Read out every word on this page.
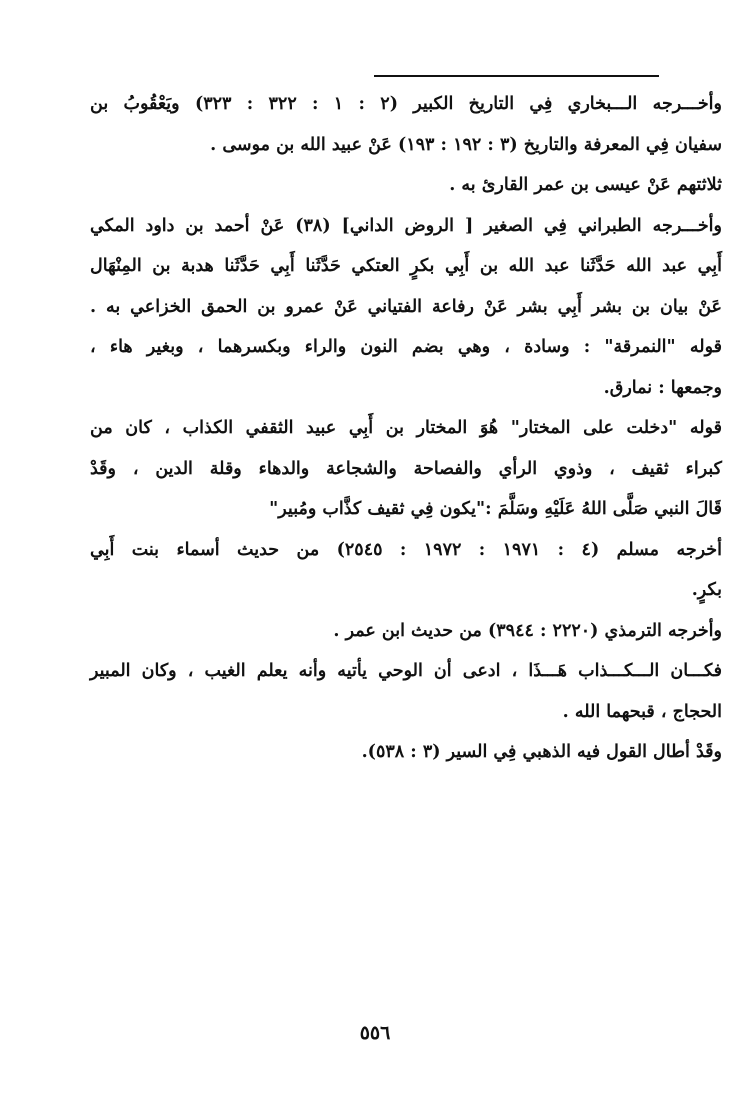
وأخـــرجه الـــبخاري فِي التاريخ الكبير (٢ : ١ : ٣٢٢ : ٣٢٣) ويَعْقُوبُ بن
سفيان فِي المعرفة والتاريخ (٣ : ١٩٢ : ١٩٣) عَنْ عبيد الله بن موسى .
ثلاثتهم عَنْ عيسى بن عمر القارئ به .
وأخـــرجه الطبراني فِي الصغير [ الروض الداني] (٣٨) عَنْ أحمد بن داود المكي
أَبِي عبد الله حَدَّثَنا عبد الله بن أَبِي بكرٍ العتكي حَدَّثَنا أَبِي حَدَّثَنا هدبة بن المِنْهَال
عَنْ بيان بن بشر أَبِي بشر عَنْ رفاعة الفتياني عَنْ عمرو بن الحمق الخزاعي به .
قوله "النمرقة" : وسادة ، وهي بضم النون والراء وبكسرهما ، وبغير هاء ،
وجمعها : نمارق.
قوله "دخلت على المختار" هُوَ المختار بن أَبِي عبيد الثقفي الكذاب ، كان من
كبراء ثقيف ، وذوي الرأي والفصاحة والشجاعة والدهاء وقلة الدين ، وقَدْ
قَالَ النبي صَلَّى اللهُ عَلَيْهِ وسَلَّمَ :"يكون فِي ثقيف كذَّاب ومُبير"
أخرجه مسلم (٤ : ١٩٧١ : ١٩٧٢ : ٢٥٤٥) من حديث أسماء بنت أَبِي
بكرٍ.
وأخرجه الترمذي (٢٢٢٠ : ٣٩٤٤) من حديث ابن عمر .
فكـــان الـــكـــذاب هَـــذَا ، ادعى أن الوحي يأتيه وأنه يعلم الغيب ، وكان المبير
الحجاج ، قبحهما الله .
وقَدْ أطال القول فيه الذهبي فِي السير (٣ : ٥٣٨).
٥٥٦
